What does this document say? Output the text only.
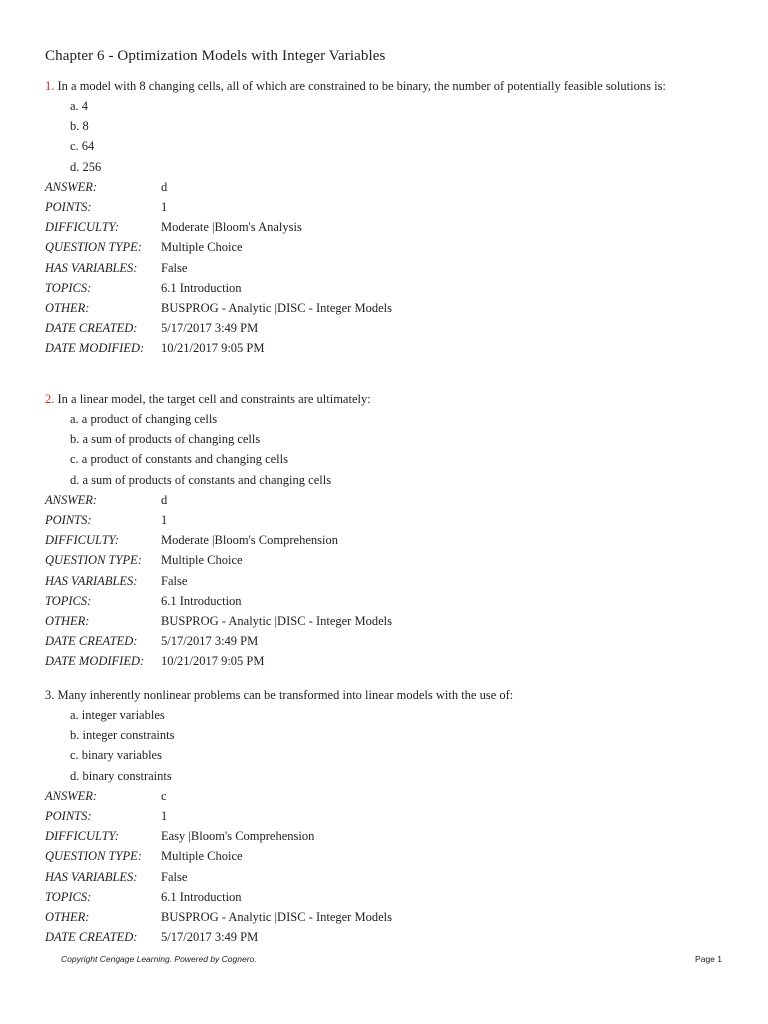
Chapter 6 - Optimization Models with Integer Variables
1. In a model with 8 changing cells, all of which are constrained to be binary, the number of potentially feasible solutions is:
a. 4
b. 8
c. 64
d. 256
ANSWER:	d
POINTS:	1
DIFFICULTY:	Moderate |Bloom's Analysis
QUESTION TYPE:	Multiple Choice
HAS VARIABLES:	False
TOPICS:	6.1 Introduction
OTHER:	BUSPROG - Analytic |DISC - Integer Models
DATE CREATED:	5/17/2017 3:49 PM
DATE MODIFIED:	10/21/2017 9:05 PM
2. In a linear model, the target cell and constraints are ultimately:
a. a product of changing cells
b. a sum of products of changing cells
c. a product of constants and changing cells
d. a sum of products of constants and changing cells
ANSWER:	d
POINTS:	1
DIFFICULTY:	Moderate |Bloom's Comprehension
QUESTION TYPE:	Multiple Choice
HAS VARIABLES:	False
TOPICS:	6.1 Introduction
OTHER:	BUSPROG - Analytic |DISC - Integer Models
DATE CREATED:	5/17/2017 3:49 PM
DATE MODIFIED:	10/21/2017 9:05 PM
3. Many inherently nonlinear problems can be transformed into linear models with the use of:
a. integer variables
b. integer constraints
c. binary variables
d. binary constraints
ANSWER:	c
POINTS:	1
DIFFICULTY:	Easy |Bloom's Comprehension
QUESTION TYPE:	Multiple Choice
HAS VARIABLES:	False
TOPICS:	6.1 Introduction
OTHER:	BUSPROG - Analytic |DISC - Integer Models
DATE CREATED:	5/17/2017 3:49 PM
Copyright Cengage Learning. Powered by Cognero.	Page 1
